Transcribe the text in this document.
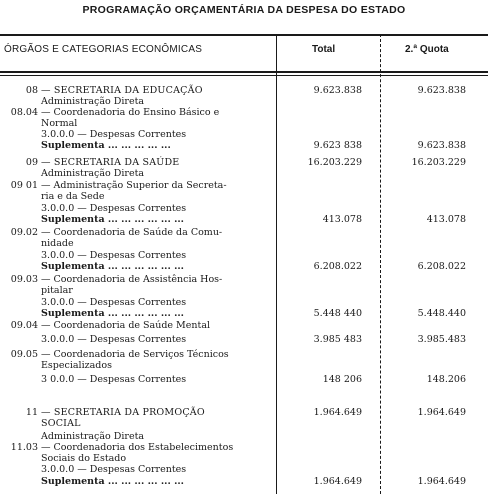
PROGRAMAÇÃO ORÇAMENTÁRIA DA DESPESA DO ESTADO
ÓRGÃOS E CATEGORIAS ECONÔMICAS	Total	2.ª Quota
08 — SECRETARIA DA EDUCAÇÃO	9.623.838	9.623.838
Administração Direta
08.04 — Coordenadoria do Ensino Básico e
Normal
3.0.0.0 — Despesas Correntes
Suplementa ... ... ... ... ...	9.623 838	9.623.838
09 — SECRETARIA DA SAÚDE	16.203.229	16.203.229
Administração Direta
09 01 — Administração Superior da Secreta-
ria e da Sede
3.0.0.0 — Despesas Correntes
Suplementa ... ... ... ... ... ...	413.078	413.078
09.02 — Coordenadoria de Saúde da Comu-
nidade
3.0.0.0 — Despesas Correntes
Suplementa ... ... ... ... ... ...	6.208.022	6.208.022
09.03 — Coordenadoria de Assistência Hos-
pitalar
3.0.0.0 — Despesas Correntes
Suplementa ... ... ... ... ... ...	5.448 440	5.448.440
09.04 — Coordenadoria de Saúde Mental
3.0.0.0 — Despesas Correntes	3.985 483	3.985.483
09.05 — Coordenadoria de Serviços Técnicos
Especializados
3 0.0.0 — Despesas Correntes	148 206	148.206
11 — SECRETARIA DA PROMOÇÃO	1.964.649	1.964.649
SOCIAL
Administração Direta
11.03 — Coordenadoria dos Estabelecimentos
Sociais do Estado
3.0.0.0 — Despesas Correntes
Suplementa ... ... ... ... ... ...	1.964.649	1.964.649
